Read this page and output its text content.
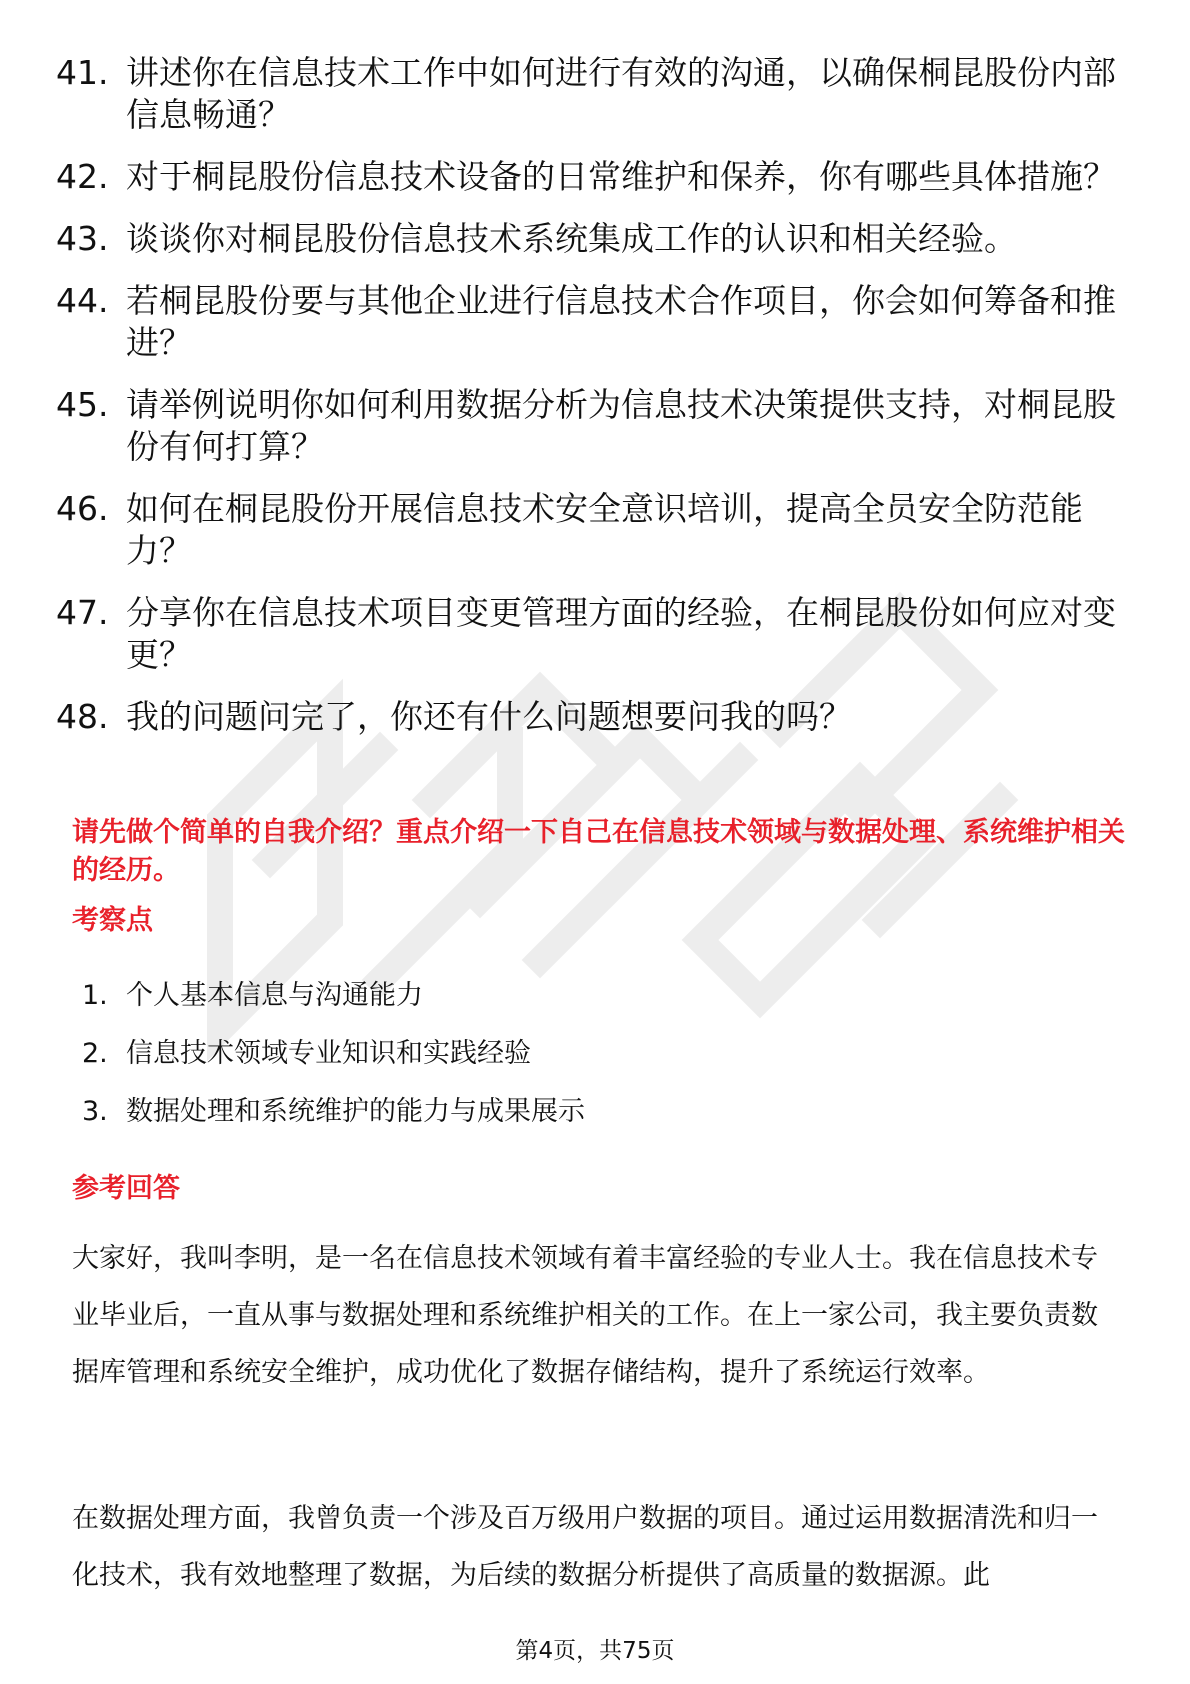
41. 讲述你在信息技术工作中如何进行有效的沟通，以确保桐昆股份内部信息畅通？
42. 对于桐昆股份信息技术设备的日常维护和保养，你有哪些具体措施？
43. 谈谈你对桐昆股份信息技术系统集成工作的认识和相关经验。
44. 若桐昆股份要与其他企业进行信息技术合作项目，你会如何筹备和推进？
45. 请举例说明你如何利用数据分析为信息技术决策提供支持，对桐昆股份有何打算？
46. 如何在桐昆股份开展信息技术安全意识培训，提高全员安全防范能力？
47. 分享你在信息技术项目变更管理方面的经验，在桐昆股份如何应对变更？
48. 我的问题问完了，你还有什么问题想要问我的吗？

请先做个简单的自我介绍？重点介绍一下自己在信息技术领域与数据处理、系统维护相关的经历。

考察点
1. 个人基本信息与沟通能力
2. 信息技术领域专业知识和实践经验
3. 数据处理和系统维护的能力与成果展示
参考回答

大家好，我叫李明，是一名在信息技术领域有着丰富经验的专业人士。我在信息技术专业毕业后，一直从事与数据处理和系统维护相关的工作。在上一家公司，我主要负责数据库管理和系统安全维护，成功优化了数据存储结构，提升了系统运行效率。

在数据处理方面，我曾负责一个涉及百万级用户数据的项目。通过运用数据清洗和归一化技术，我有效地整理了数据，为后续的数据分析提供了高质量的数据源。此

第4页，共75页
